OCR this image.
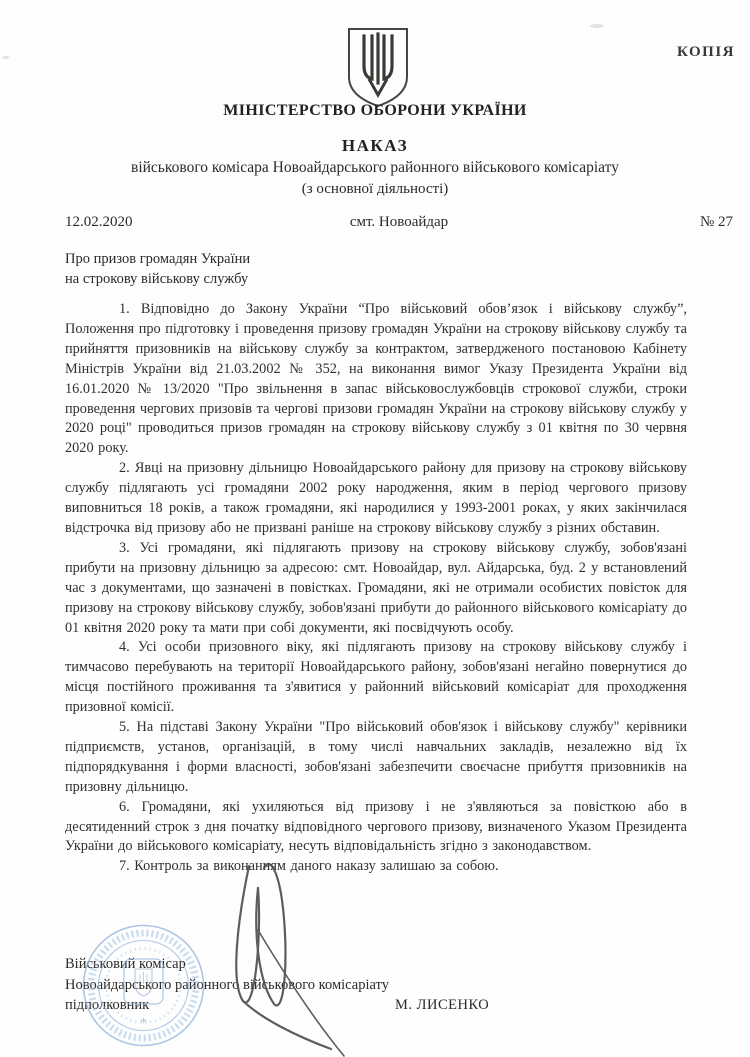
КОПІЯ
МІНІСТЕРСТВО ОБОРОНИ УКРАЇНИ
НАКАЗ
військового комісара Новоайдарського районного військового комісаріату
(з основної діяльності)
12.02.2020	смт. Новоайдар	№ 27
Про призов громадян України
на строкову військову службу

1. Відповідно до Закону України “Про військовий обов’язок і військову службу”, Положення про підготовку і проведення призову громадян України на строкову військову службу та прийняття призовників на військову службу за контрактом, затвердженого постановою Кабінету Міністрів України від 21.03.2002 № 352, на виконання вимог Указу Президента України від 16.01.2020 № 13/2020 "Про звільнення в запас військовослужбовців строкової служби, строки проведення чергових призовів та чергові призови громадян України на строкову військову службу у 2020 році" проводиться призов громадян на строкову військову службу з 01 квітня по 30 червня 2020 року.

2. Явці на призовну дільницю Новоайдарського району для призову на строкову військову службу підлягають усі громадяни 2002 року народження, яким в період чергового призову виповниться 18 років, а також громадяни, які народилися у 1993-2001 роках, у яких закінчилася відстрочка від призову або не призвані раніше на строкову військову службу з різних обставин.

3. Усі громадяни, які підлягають призову на строкову військову службу, зобов'язані прибути на призовну дільницю за адресою: смт. Новоайдар, вул. Айдарська, буд. 2 у встановлений час з документами, що зазначені в повістках. Громадяни, які не отримали особистих повісток для призову на строкову військову службу, зобов'язані прибути до районного військового комісаріату до 01 квітня 2020 року та мати при собі документи, які посвідчують особу.

4. Усі особи призовного віку, які підлягають призову на строкову військову службу і тимчасово перебувають на території Новоайдарського району, зобов'язані негайно повернутися до місця постійного проживання та з'явитися у районний військовий комісаріат для проходження призовної комісії.

5. На підставі Закону України "Про військовий обов'язок і військову службу" керівники підприємств, установ, організацій, в тому числі навчальних закладів, незалежно від їх підпорядкування і форми власності, зобов'язані забезпечити своєчасне прибуття призовників на призовну дільницю.

6. Громадяни, які ухиляються від призову і не з'являються за повісткою або в десятиденний строк з дня початку відповідного чергового призову, визначеного Указом Президента України до військового комісаріату, несуть відповідальність згідно з законодавством.

7. Контроль за виконанням даного наказу залишаю за собою.

Військовий комісар
Новоайдарського районного військового комісаріату
підполковник	М. ЛИСЕНКО
*
